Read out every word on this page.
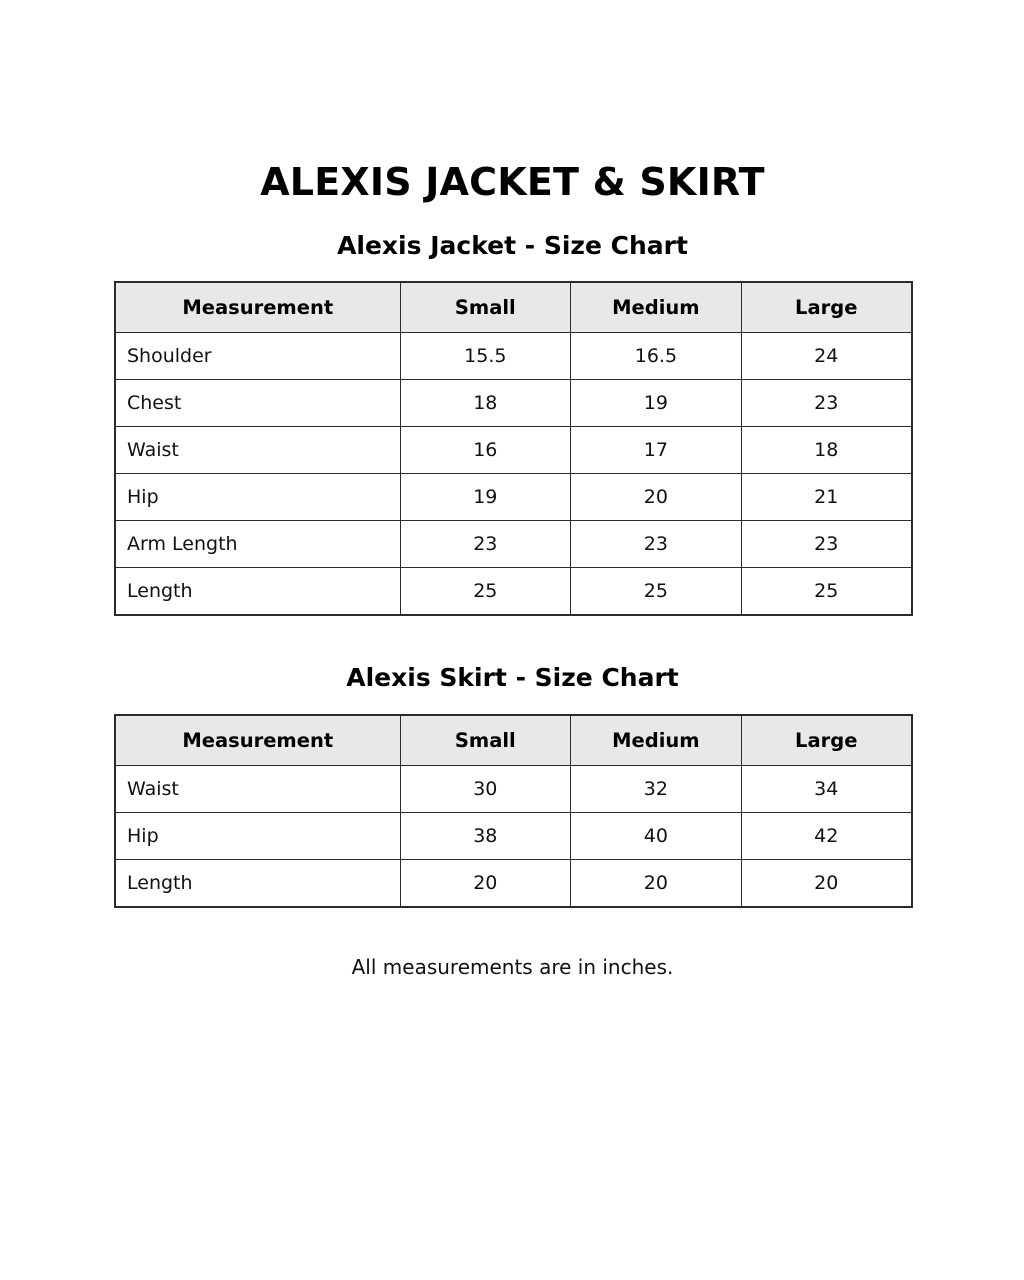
ALEXIS JACKET & SKIRT
Alexis Jacket - Size Chart
Measurement	Small	Medium	Large
Shoulder	15.5	16.5	24
Chest	18	19	23
Waist	16	17	18
Hip	19	20	21
Arm Length	23	23	23
Length	25	25	25
Alexis Skirt - Size Chart
Measurement	Small	Medium	Large
Waist	30	32	34
Hip	38	40	42
Length	20	20	20

All measurements are in inches.
